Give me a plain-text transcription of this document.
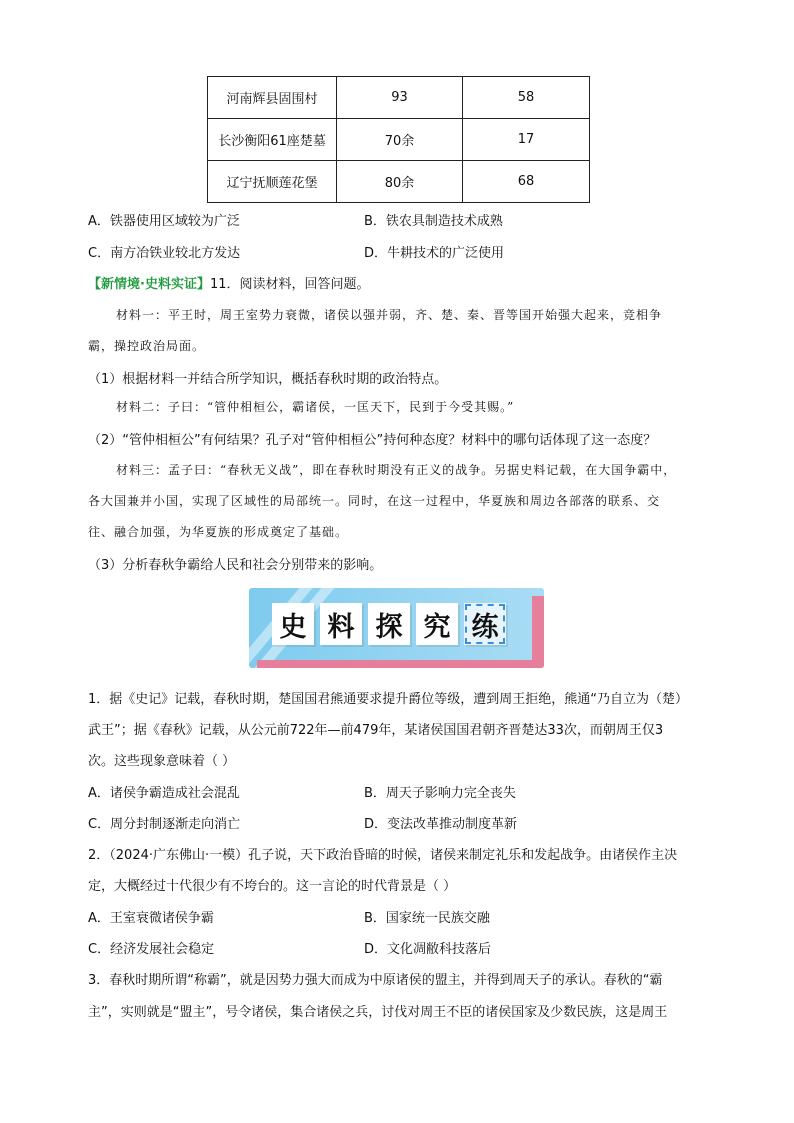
河南辉县固围村	93	58
长沙衡阳61座楚墓	70余	17
辽宁抚顺莲花堡	80余	68
A．铁器使用区域较为广泛	B．铁农具制造技术成熟
C．南方冶铁业较北方发达	D．牛耕技术的广泛使用
【新情境·史料实证】11．阅读材料，回答问题。
材料一：平王时，周王室势力衰微，诸侯以强并弱，齐、楚、秦、晋等国开始强大起来，竞相争
霸，操控政治局面。
（1）根据材料一并结合所学知识，概括春秋时期的政治特点。
材料二：子曰：“管仲相桓公，霸诸侯，一匡天下，民到于今受其赐。”
（2）“管仲相桓公”有何结果？孔子对“管仲相桓公”持何种态度？材料中的哪句话体现了这一态度？
材料三：孟子曰：“春秋无义战”，即在春秋时期没有正义的战争。另据史料记载，在大国争霸中，
各大国兼并小国，实现了区域性的局部统一。同时，在这一过程中，华夏族和周边各部落的联系、交
往、融合加强，为华夏族的形成奠定了基础。
（3）分析春秋争霸给人民和社会分别带来的影响。
史 料 探 究 练
1．据《史记》记载，春秋时期，楚国国君熊通要求提升爵位等级，遭到周王拒绝，熊通“乃自立为（楚）
武王”；据《春秋》记载，从公元前722年—前479年，某诸侯国国君朝齐晋楚达33次，而朝周王仅3
次。这些现象意味着（ ）
A．诸侯争霸造成社会混乱	B．周天子影响力完全丧失
C．周分封制逐渐走向消亡	D．变法改革推动制度革新
2．（2024·广东佛山·一模）孔子说，天下政治昏暗的时候，诸侯来制定礼乐和发起战争。由诸侯作主决
定，大概经过十代很少有不垮台的。这一言论的时代背景是（ ）
A．王室衰微诸侯争霸	B．国家统一民族交融
C．经济发展社会稳定	D．文化凋敝科技落后
3．春秋时期所谓“称霸”，就是因势力强大而成为中原诸侯的盟主，并得到周天子的承认。春秋的“霸
主”，实则就是“盟主”，号令诸侯，集合诸侯之兵，讨伐对周王不臣的诸侯国家及少数民族，这是周王
